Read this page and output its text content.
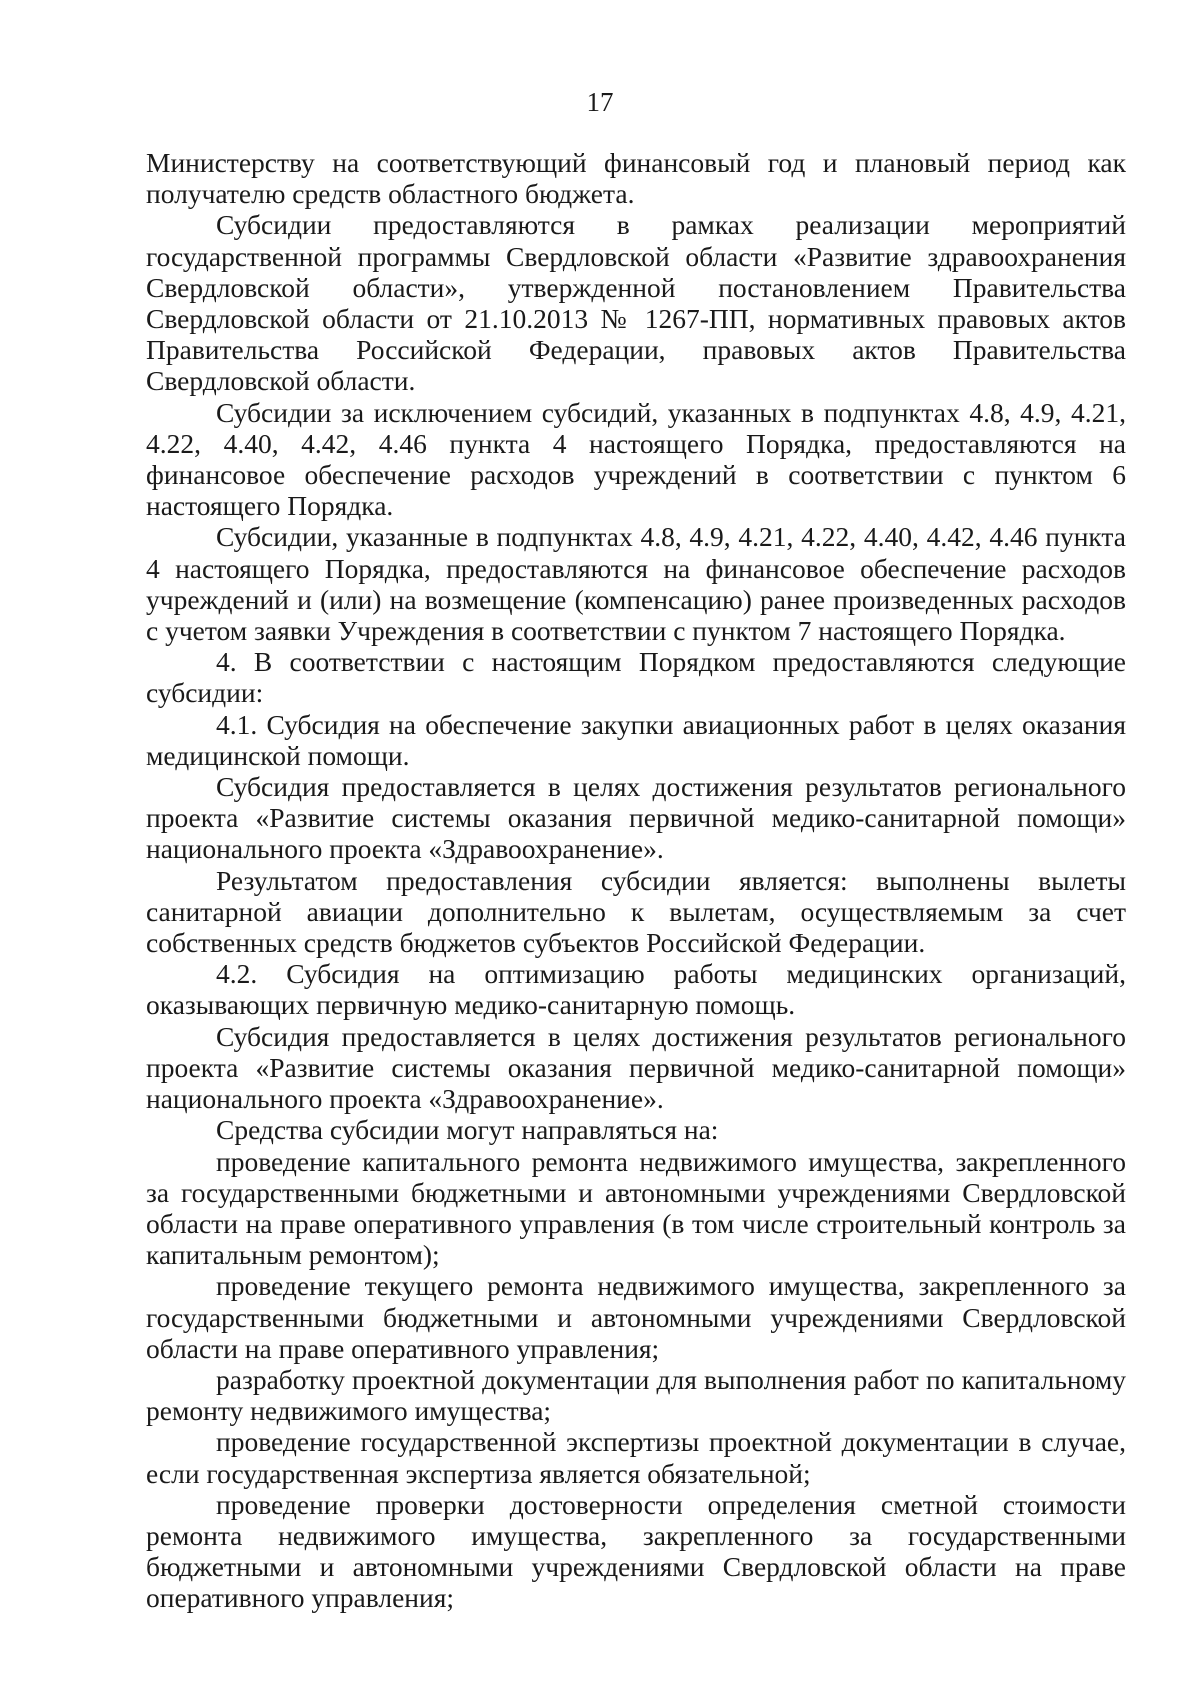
17

Министерству на соответствующий финансовый год и плановый период как получателю средств областного бюджета.

Субсидии предоставляются в рамках реализации мероприятий государственной программы Свердловской области «Развитие здравоохранения Свердловской области», утвержденной постановлением Правительства Свердловской области от 21.10.2013 № 1267-ПП, нормативных правовых актов Правительства Российской Федерации, правовых актов Правительства Свердловской области.

Субсидии за исключением субсидий, указанных в подпунктах 4.8, 4.9, 4.21, 4.22, 4.40, 4.42, 4.46 пункта 4 настоящего Порядка, предоставляются на финансовое обеспечение расходов учреждений в соответствии с пунктом 6 настоящего Порядка.

Субсидии, указанные в подпунктах 4.8, 4.9, 4.21, 4.22, 4.40, 4.42, 4.46 пункта 4 настоящего Порядка, предоставляются на финансовое обеспечение расходов учреждений и (или) на возмещение (компенсацию) ранее произведенных расходов с учетом заявки Учреждения в соответствии с пунктом 7 настоящего Порядка.

4. В соответствии с настоящим Порядком предоставляются следующие субсидии:

4.1. Субсидия на обеспечение закупки авиационных работ в целях оказания медицинской помощи.

Субсидия предоставляется в целях достижения результатов регионального проекта «Развитие системы оказания первичной медико-санитарной помощи» национального проекта «Здравоохранение».

Результатом предоставления субсидии является: выполнены вылеты санитарной авиации дополнительно к вылетам, осуществляемым за счет собственных средств бюджетов субъектов Российской Федерации.

4.2. Субсидия на оптимизацию работы медицинских организаций, оказывающих первичную медико-санитарную помощь.

Субсидия предоставляется в целях достижения результатов регионального проекта «Развитие системы оказания первичной медико-санитарной помощи» национального проекта «Здравоохранение».

Средства субсидии могут направляться на:

проведение капитального ремонта недвижимого имущества, закрепленного за государственными бюджетными и автономными учреждениями Свердловской области на праве оперативного управления (в том числе строительный контроль за капитальным ремонтом);

проведение текущего ремонта недвижимого имущества, закрепленного за государственными бюджетными и автономными учреждениями Свердловской области на праве оперативного управления;

разработку проектной документации для выполнения работ по капитальному ремонту недвижимого имущества;

проведение государственной экспертизы проектной документации в случае, если государственная экспертиза является обязательной;

проведение проверки достоверности определения сметной стоимости ремонта недвижимого имущества, закрепленного за государственными бюджетными и автономными учреждениями Свердловской области на праве оперативного управления;
